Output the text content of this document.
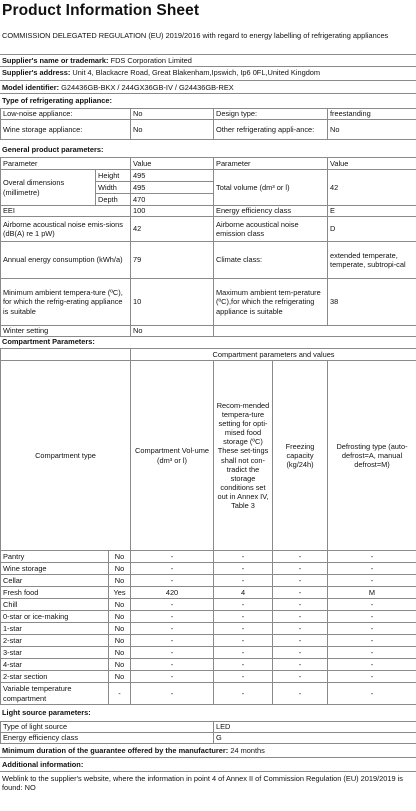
Product Information Sheet
COMMISSION DELEGATED REGULATION (EU) 2019/2016 with regard to energy labelling of refrigerating appliances
Supplier's name or trademark: FDS Corporation Limited
Supplier's address: Unit 4, Blackacre Road, Great Blakenham,Ipswich, Ip6 0FL,United Kingdom
Model identifier: G24436GB-BKX / 244GX36GB-IV / G24436GB-REX
Type of refrigerating appliance:
Low-noise appliance:	No	Design type:	freestanding
Wine storage appliance:	No	Other refrigerating appli-ance:	No
General product parameters:
Parameter		Value	Parameter	Value
Overal dimensions (millimetre)	Height	495	Total volume (dm³ or l)	42
	Width	495		
	Depth	470		
EEI		100	Energy efficiency class	E
Airborne acoustical noise emis-sions (dB(A) re 1 pW)		42	Airborne acoustical noise emission class	D
Annual energy consumption (kWh/a)		79	Climate class:	extended temperate, temperate, subtropi-cal
Minimum ambient tempera-ture (ºC), for which the refrig-erating appliance is suitable		10	Maximum ambient tem-perature (ºC),for which the refrigerating appliance is suitable	38
Winter setting		No		
Compartment Parameters:
		Compartment parameters and values			
Compartment type		Compartment Vol-ume (dm³ or l)	Recom-mended tempera-ture setting for opti-mised food storage (ºC) These set-tings shall not con-tradict the storage conditions set out in Annex IV, Table 3	Freezing capacity (kg/24h)	Defrosting type (auto-defrost=A, manual defrost=M)
Pantry	No	-	-	-	-
Wine storage	No	-	-	-	-
Cellar	No	-	-	-	-
Fresh food	Yes	420	4	-	M
Chill	No	-	-	-	-
0-star or ice-making	No	-	-	-	-
1-star	No	-	-	-	-
2-star	No	-	-	-	-
3-star	No	-	-	-	-
4-star	No	-	-	-	-
2-star section	No	-	-	-	-
Variable temperature compartment	-	-	-	-	-
Light source parameters:
Type of light source	LED
Energy efficiency class	G
Minimum duration of the guarantee offered by the manufacturer: 24 months
Additional information:
Weblink to the supplier's website, where the information in point 4 of Annex II of Commission Regulation (EU) 2019/2019 is found: NO
